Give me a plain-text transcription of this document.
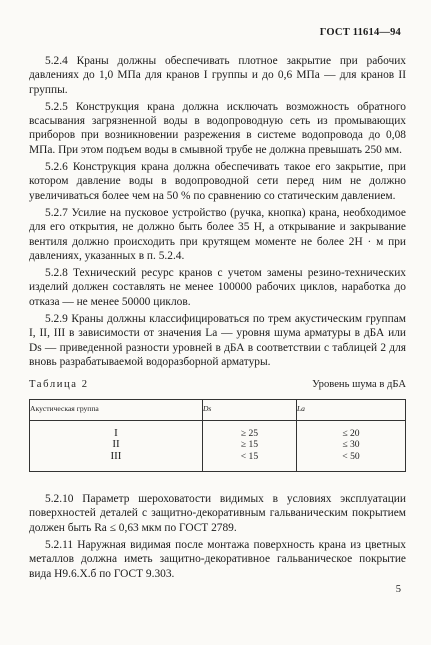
ГОСТ 11614—94

5.2.4 Краны должны обеспечивать плотное закрытие при рабочих давлениях до 1,0 МПа для кранов I группы и до 0,6 МПа — для кранов II группы.

5.2.5 Конструкция крана должна исключать возможность обратного всасывания загрязненной воды в водопроводную сеть из промывающих приборов при возникновении разрежения в системе водопровода до 0,08 МПа. При этом подъем воды в смывной трубе не должна превышать 250 мм.

5.2.6 Конструкция крана должна обеспечивать такое его закрытие, при котором давление воды в водопроводной сети перед ним не должно увеличиваться более чем на 50 % по сравнению со статическим давлением.

5.2.7 Усилие на пусковое устройство (ручка, кнопка) крана, необходимое для его открытия, не должно быть более 35 Н, а открывание и закрывание вентиля должно происходить при крутящем моменте не более 2Н · м при давлениях, указанных в п. 5.2.4.

5.2.8 Технический ресурс кранов с учетом замены резино-технических изделий должен составлять не менее 100000 рабочих циклов, наработка до отказа — не менее 50000 циклов.

5.2.9 Краны должны классифицироваться по трем акустическим группам I, II, III в зависимости от значения La — уровня шума арматуры в дБА или Ds — приведенной разности уровней в дБА в соответствии с таблицей 2 для вновь разрабатываемой водоразборной арматуры.

Таблица 2	Уровень шума в дБА
Акустическая группа	Ds	La
I	≥ 25	≤ 20
II	≥ 15	≤ 30
III	< 15	< 50

5.2.10 Параметр шероховатости видимых в условиях эксплуатации поверхностей деталей с защитно-декоративным гальваническим покрытием должен быть Ra ≤ 0,63 мкм по ГОСТ 2789.

5.2.11 Наружная видимая после монтажа поверхность крана из цветных металлов должна иметь защитно-декоративное гальваническое покрытие вида Н9.6.Х.б по ГОСТ 9.303.

5
